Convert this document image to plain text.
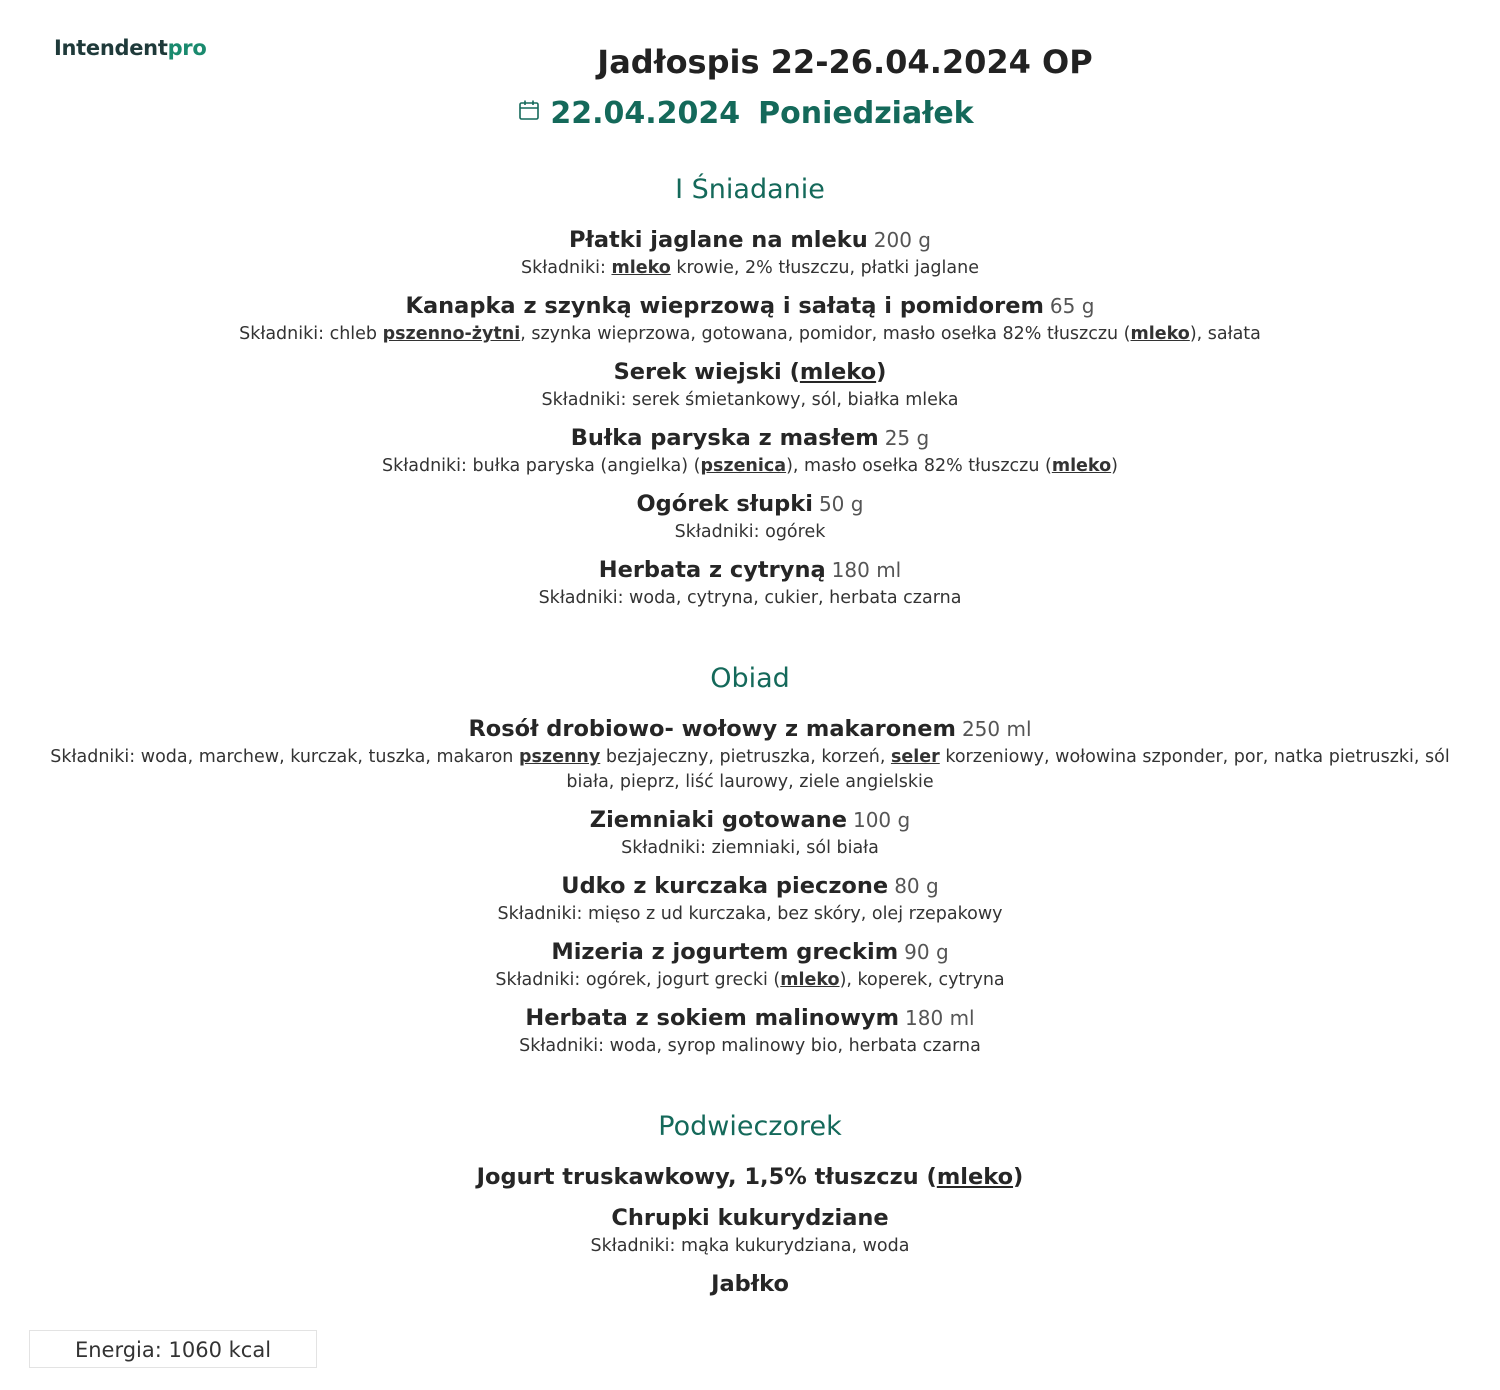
Intendentpro	Jadłospis 22-26.04.2024 OP
22.04.2024 Poniedziałek
I Śniadanie
Płatki jaglane na mleku 200 g
Składniki: mleko krowie, 2% tłuszczu, płatki jaglane
Kanapka z szynką wieprzową i sałatą i pomidorem 65 g
Składniki: chleb pszenno-żytni, szynka wieprzowa, gotowana, pomidor, masło osełka 82% tłuszczu (mleko), sałata
Serek wiejski (mleko)
Składniki: serek śmietankowy, sól, białka mleka
Bułka paryska z masłem 25 g
Składniki: bułka paryska (angielka) (pszenica), masło osełka 82% tłuszczu (mleko)
Ogórek słupki 50 g
Składniki: ogórek
Herbata z cytryną 180 ml
Składniki: woda, cytryna, cukier, herbata czarna
Obiad
Rosół drobiowo- wołowy z makaronem 250 ml
Składniki: woda, marchew, kurczak, tuszka, makaron pszenny bezjajeczny, pietruszka, korzeń, seler korzeniowy, wołowina szponder, por, natka pietruszki, sól biała, pieprz, liść laurowy, ziele angielskie
Ziemniaki gotowane 100 g
Składniki: ziemniaki, sól biała
Udko z kurczaka pieczone 80 g
Składniki: mięso z ud kurczaka, bez skóry, olej rzepakowy
Mizeria z jogurtem greckim 90 g
Składniki: ogórek, jogurt grecki (mleko), koperek, cytryna
Herbata z sokiem malinowym 180 ml
Składniki: woda, syrop malinowy bio, herbata czarna
Podwieczorek
Jogurt truskawkowy, 1,5% tłuszczu (mleko)
Chrupki kukurydziane
Składniki: mąka kukurydziana, woda
Jabłko
Energia: 1060 kcal
